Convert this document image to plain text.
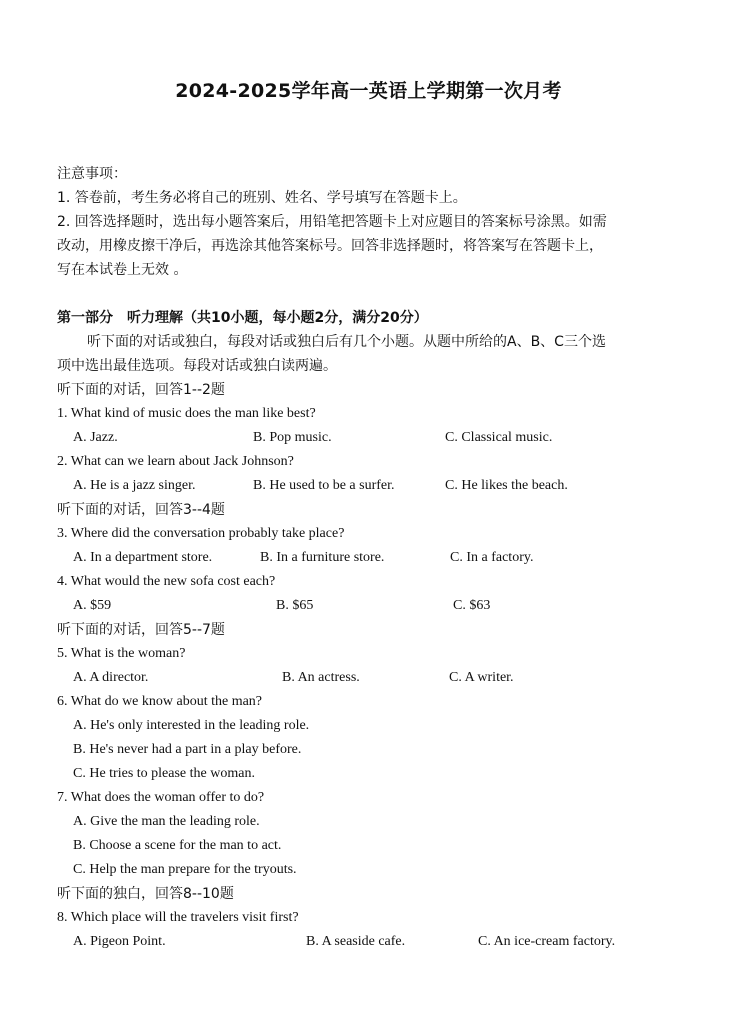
2024-2025学年高一英语上学期第一次月考
注意事项：
1. 答卷前，考生务必将自己的班别、姓名、学号填写在答题卡上。
2. 回答选择题时，选出每小题答案后，用铅笔把答题卡上对应题目的答案标号涂黑。如需
改动，用橡皮擦干净后，再选涂其他答案标号。回答非选择题时，将答案写在答题卡上，
写在本试卷上无效 。
第一部分　听力理解（共10小题，每小题2分，满分20分）
听下面的对话或独白，每段对话或独白后有几个小题。从题中所给的A、B、C三个选
项中选出最佳选项。每段对话或独白读两遍。
听下面的对话，回答1--2题
1. What kind of music does the man like best?
A. Jazz.	B. Pop music.	C. Classical music.
2. What can we learn about Jack Johnson?
A. He is a jazz singer.	B. He used to be a surfer.	C. He likes the beach.
听下面的对话，回答3--4题
3. Where did the conversation probably take place?
A. In a department store.	B. In a furniture store.	C. In a factory.
4. What would the new sofa cost each?
A. $59	B. $65	C. $63
听下面的对话，回答5--7题
5. What is the woman?
A. A director.	B. An actress.	C. A writer.
6. What do we know about the man?
A. He's only interested in the leading role.
B. He's never had a part in a play before.
C. He tries to please the woman.
7. What does the woman offer to do?
A. Give the man the leading role.
B. Choose a scene for the man to act.
C. Help the man prepare for the tryouts.
听下面的独白，回答8--10题
8. Which place will the travelers visit first?
A. Pigeon Point.	B. A seaside cafe.	C. An ice-cream factory.
